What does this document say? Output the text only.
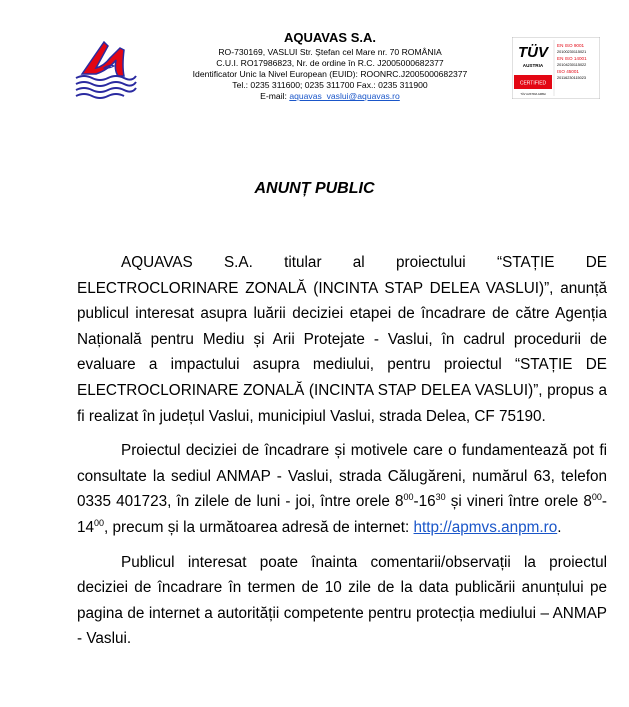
AQUAVAS S.A.
RO-730169, VASLUI Str. Ștefan cel Mare nr. 70 ROMÂNIA
C.U.I. RO17986823, Nr. de ordine în R.C. J2005000682377
Identificator Unic la Nivel European (EUID): ROONRC.J2005000682377
Tel.: 0235 311600; 0235 311700 Fax.: 0235 311900
E-mail: aquavas_vaslui@aquavas.ro
TÜV
AUSTRIA
CERTIFIED
TÜV AUSTRIA GMBH
EN ISO 9001
20100230115021
EN ISO 14001
20104230115022
ISO 45001
20116230115023
ANUNȚ PUBLIC

AQUAVAS S.A. titular al proiectului “STAȚIE DE ELECTROCLORINARE ZONALĂ (INCINTA STAP DELEA VASLUI)”, anunță publicul interesat asupra luării deciziei etapei de încadrare de către Agenția Națională pentru Mediu și Arii Protejate - Vaslui, în cadrul procedurii de evaluare a impactului asupra mediului, pentru proiectul “STAȚIE DE ELECTROCLORINARE ZONALĂ (INCINTA STAP DELEA VASLUI)”, propus a fi realizat în județul Vaslui, municipiul Vaslui, strada Delea, CF 75190.

Proiectul deciziei de încadrare și motivele care o fundamentează pot fi consultate la sediul ANMAP - Vaslui, strada Călugăreni, numărul 63, telefon 0335 401723, în zilele de luni - joi, între orele $8^{00}-16^{30}$ și vineri între orele $8^{00}-14^{00}$, precum și la următoarea adresă de internet: http://apmvs.anpm.ro.

Publicul interesat poate înainta comentarii/observații la proiectul deciziei de încadrare în termen de 10 zile de la data publicării anunțului pe pagina de internet a autorității competente pentru protecția mediului – ANMAP - Vaslui.
